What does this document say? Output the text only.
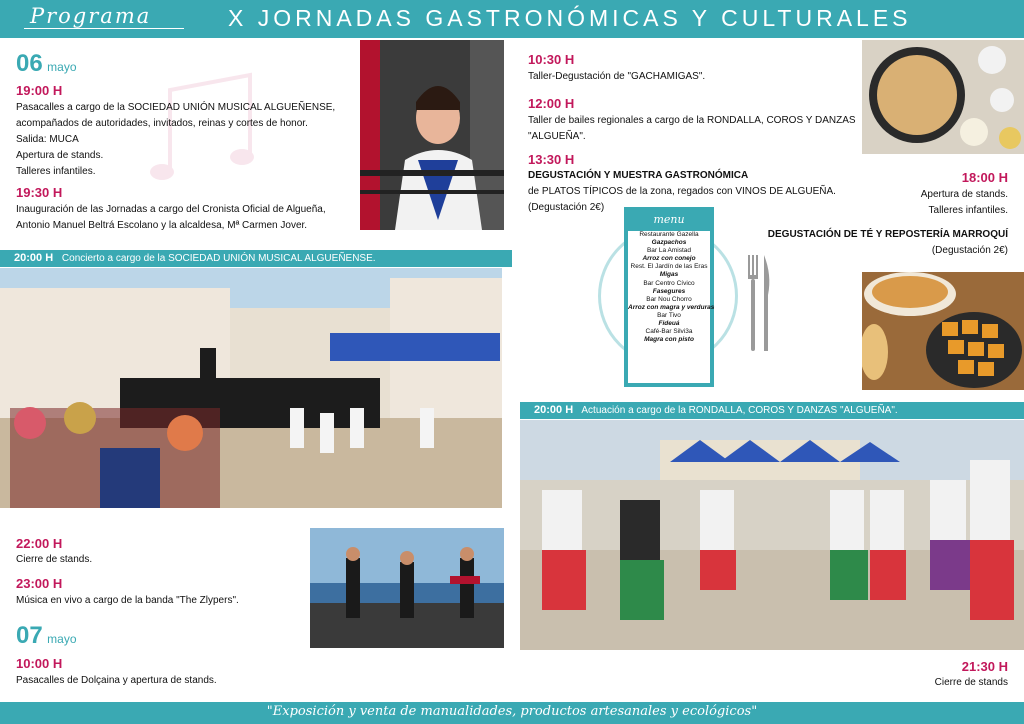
Programa	X JORNADAS GASTRONÓMICAS Y CULTURALES
06 mayo
19:00 H
Pasacalles a cargo de la SOCIEDAD UNIÓN MUSICAL ALGUEÑENSE,
acompañados de autoridades, invitados, reinas y cortes de honor.
Salida: MUCA
Apertura de stands.
Talleres infantiles.
19:30 H
Inauguración de las Jornadas a cargo del Cronista Oficial de Algueña,
Antonio Manuel Beltrá Escolano y la alcaldesa, Mª Carmen Jover.
20:00 H Concierto a cargo de la SOCIEDAD UNIÓN MUSICAL ALGUEÑENSE.
22:00 H
Cierre de stands.
23:00 H
Música en vivo a cargo de la banda "The Zlypers".
07 mayo
10:00 H
Pasacalles de Dolçaina y apertura de stands.
10:30 H
Taller-Degustación de "GACHAMIGAS".
12:00 H
Taller de bailes regionales a cargo de la RONDALLA, COROS Y DANZAS
"ALGUEÑA".
13:30 H
DEGUSTACIÓN Y MUESTRA GASTRONÓMICA
de PLATOS TÍPICOS de la zona, regados con VINOS DE ALGUEÑA.
(Degustación 2€)
18:00 H
Apertura de stands.
Talleres infantiles.
DEGUSTACIÓN DE TÉ Y REPOSTERÍA MARROQUÍ
(Degustación 2€)
menu
Restaurante Gazella
Gazpachos
Bar La Amistad
Arroz con conejo
Rest. El Jardín de las Eras
Migas
Bar Centro Cívico
Fasegures
Bar Nou Chorro
Arroz con magra y verduras
Bar Tivo
Fideuá
Café-Bar Silvi3a
Magra con pisto
20:00 H Actuación a cargo de la RONDALLA, COROS Y DANZAS "ALGUEÑA".
21:30 H
Cierre de stands
"Exposición y venta de manualidades, productos artesanales y ecológicos"
